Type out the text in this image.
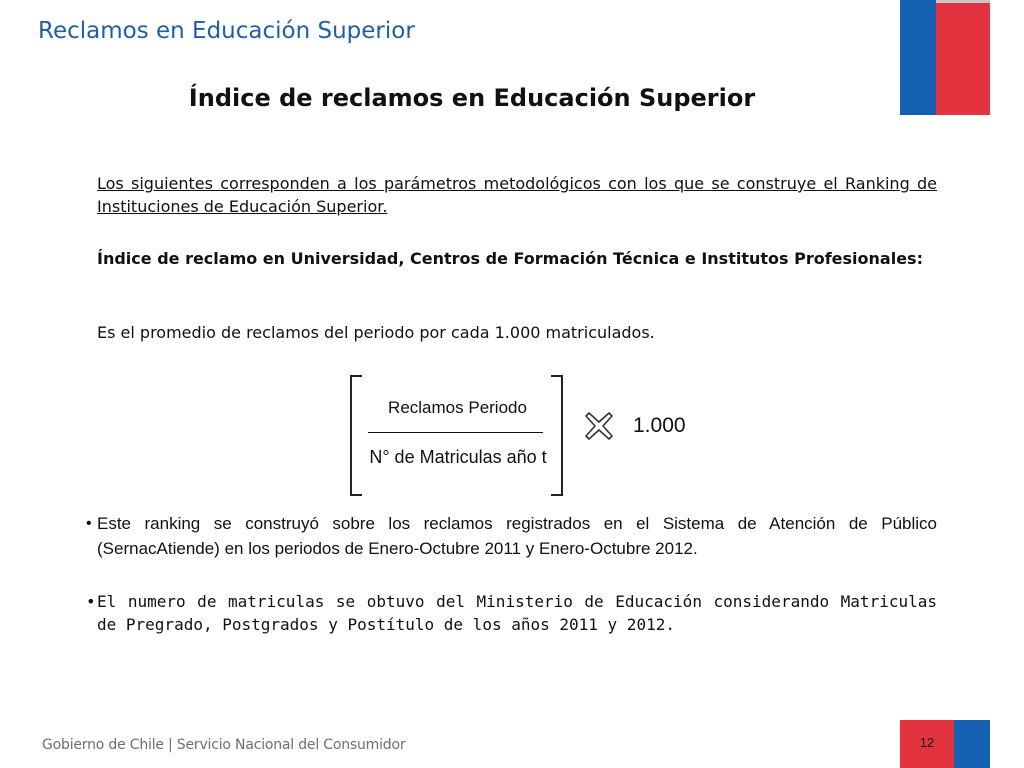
Reclamos en Educación Superior
Índice de reclamos en Educación Superior
Los siguientes corresponden a los parámetros metodológicos con los que se construye el Ranking de Instituciones de Educación Superior.
Índice de reclamo en Universidad, Centros de Formación Técnica e Institutos Profesionales:
Es el promedio de reclamos del periodo por cada 1.000 matriculados.
Reclamos Periodo
N° de Matriculas año t
1.000
• Este ranking se construyó sobre los reclamos registrados en el Sistema de Atención de Público (SernacAtiende) en los periodos de Enero-Octubre 2011 y Enero-Octubre 2012.
• El numero de matriculas se obtuvo del Ministerio de Educación considerando Matriculas de Pregrado, Postgrados y Postítulo de los años 2011 y 2012.
Gobierno de Chile | Servicio Nacional del Consumidor	12
